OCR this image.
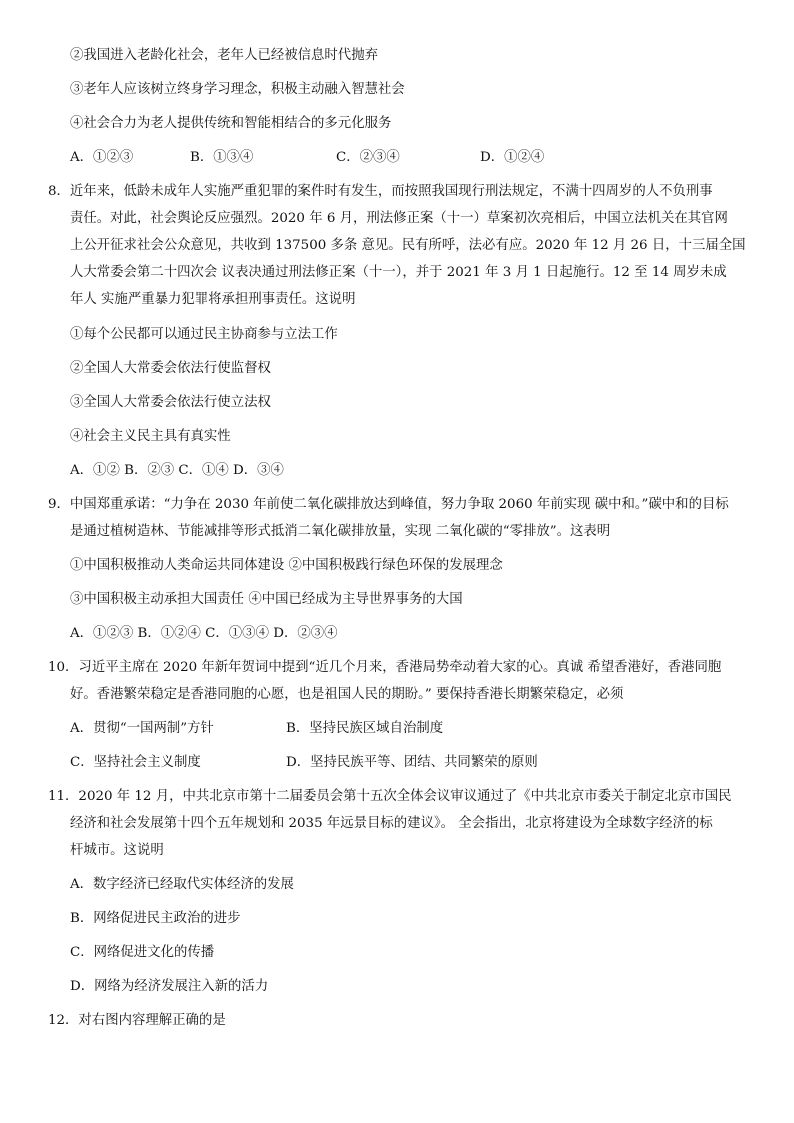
②我国进入老龄化社会，老年人已经被信息时代抛弃
③老年人应该树立终身学习理念，积极主动融入智慧社会
④社会合力为老人提供传统和智能相结合的多元化服务
A．①②③	B．①③④	C．②③④	D．①②④
8．近年来，低龄未成年人实施严重犯罪的案件时有发生，而按照我国现行刑法规定，不满十四周岁的人不负刑事
责任。对此，社会舆论反应强烈。2020 年 6 月，刑法修正案（十一）草案初次亮相后，中国立法机关在其官网
上公开征求社会公众意见，共收到 137500 多条 意见。民有所呼，法必有应。2020 年 12 月 26 日，十三届全国
人大常委会第二十四次会 议表决通过刑法修正案（十一），并于 2021 年 3 月 1 日起施行。12 至 14 周岁未成
年人 实施严重暴力犯罪将承担刑事责任。这说明
①每个公民都可以通过民主协商参与立法工作
②全国人大常委会依法行使监督权
③全国人大常委会依法行使立法权
④社会主义民主具有真实性
A．①② B．②③ C．①④ D．③④
9．中国郑重承诺：“力争在 2030 年前使二氧化碳排放达到峰值，努力争取 2060 年前实现 碳中和。”碳中和的目标
是通过植树造林、节能减排等形式抵消二氧化碳排放量，实现 二氧化碳的“零排放”。这表明
①中国积极推动人类命运共同体建设 ②中国积极践行绿色环保的发展理念
③中国积极主动承担大国责任 ④中国已经成为主导世界事务的大国
A．①②③ B．①②④ C．①③④ D．②③④
10．习近平主席在 2020 年新年贺词中提到“近几个月来，香港局势牵动着大家的心。真诚 希望香港好，香港同胞
好。香港繁荣稳定是香港同胞的心愿，也是祖国人民的期盼。” 要保持香港长期繁荣稳定，必须
A．贯彻“一国两制”方针	B．坚持民族区域自治制度
C．坚持社会主义制度	D．坚持民族平等、团结、共同繁荣的原则
11．2020 年 12 月，中共北京市第十二届委员会第十五次全体会议审议通过了《中共北京市委关于制定北京市国民
经济和社会发展第十四个五年规划和 2035 年远景目标的建议》。 全会指出，北京将建设为全球数字经济的标
杆城市。这说明
A．数字经济已经取代实体经济的发展
B．网络促进民主政治的进步
C．网络促进文化的传播
D．网络为经济发展注入新的活力
12．对右图内容理解正确的是
